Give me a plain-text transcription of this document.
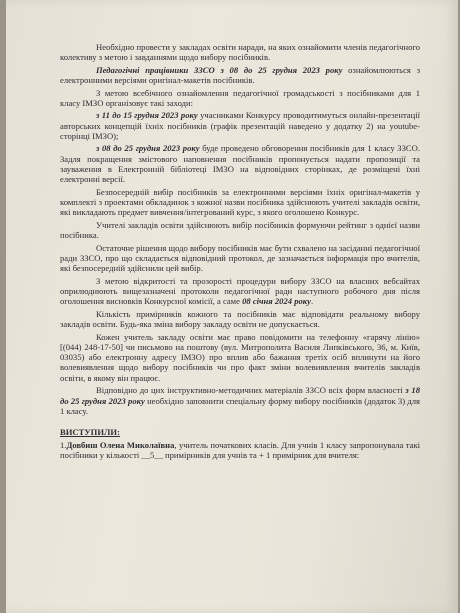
Необхідно провести у закладах освіти наради, на яких ознайомити членів педагогічного колективу з метою і завданнями щодо вибору посібників.

Педагогічні працівники ЗЗСО з 08 до 25 грудня 2023 року ознайомлюються з електронними версіями оригінал-макетів посібників.

З метою всебічного ознайомлення педагогічної громадськості з посібниками для 1 класу ІМЗО організовує такі заходи:

з 11 до 15 грудня 2023 року учасниками Конкурсу проводитимуться онлайн-презентації авторських концепцій їхніх посібників (графік презентацій наведено у додатку 2) на youtube-сторінці ІМЗО);

з 08 до 25 грудня 2023 року буде проведено обговорення посібників для 1 класу ЗЗСО. Задля покращення змістового наповнення посібників пропонується надати пропозиції та зауваження в Електронній бібліотеці ІМЗО на відповідних сторінках, де розміщені їхні електронні версії.

Безпосередній вибір посібників за електронними версіями їхніх оригінал-макетів у комплекті з проектами обкладинок з кожної назви посібника здійснюють учителі закладів освіти, які викладають предмет вивчення/інтегрований курс, з якого оголошено Конкурс.

Учителі закладів освіти здійснюють вибір посібників формуючи рейтинг з однієї назви посібника.

Остаточне рішення щодо вибору посібників має бути схвалено на засіданні педагогічної ради ЗЗСО, про що складається відповідний протокол, де зазначається інформація про вчителів, які безпосередній здійснили цей вибір.

З метою відкритості та прозорості процедури вибору ЗЗСО на власних вебсайтах оприлюднюють вищезазначені протоколи педагогічної ради наступного робочого дня після оголошення висновків Конкурсної комісії, а саме 08 січня 2024 року.

Кількість примірників кожного та посібників має відповідати реальному вибору закладів освіти. Будь-яка зміна вибору закладу освіти не допускається.

Кожен учитель закладу освіти має право повідомити на телефонну «гарячу лінію» [(044) 248-17-50] чи письмово на поштову (вул. Митрополита Василя Липківського, 36, м. Київ, 03035) або електронну адресу ІМЗО) про вплив або бажання третіх осіб вплинути на його волевиявлення щодо вибору посібників чи про факт зміни волевиявлення вчителів закладів освіти, в якому він працює.

Відповідно до цих інструктивно-методичних матеріалів ЗЗСО всіх форм власності з 18 до 25 грудня 2023 року необхідно заповнити спеціальну форму вибору посібників (додаток 3) для 1 класу.

ВИСТУПИЛИ:

1.Довбиш Олена Миколаївна, учитель початкових класів. Для учнів 1 класу запропонувала такі посібники у кількості __5__ примірників для учнів та + 1 примірник для вчителя:
